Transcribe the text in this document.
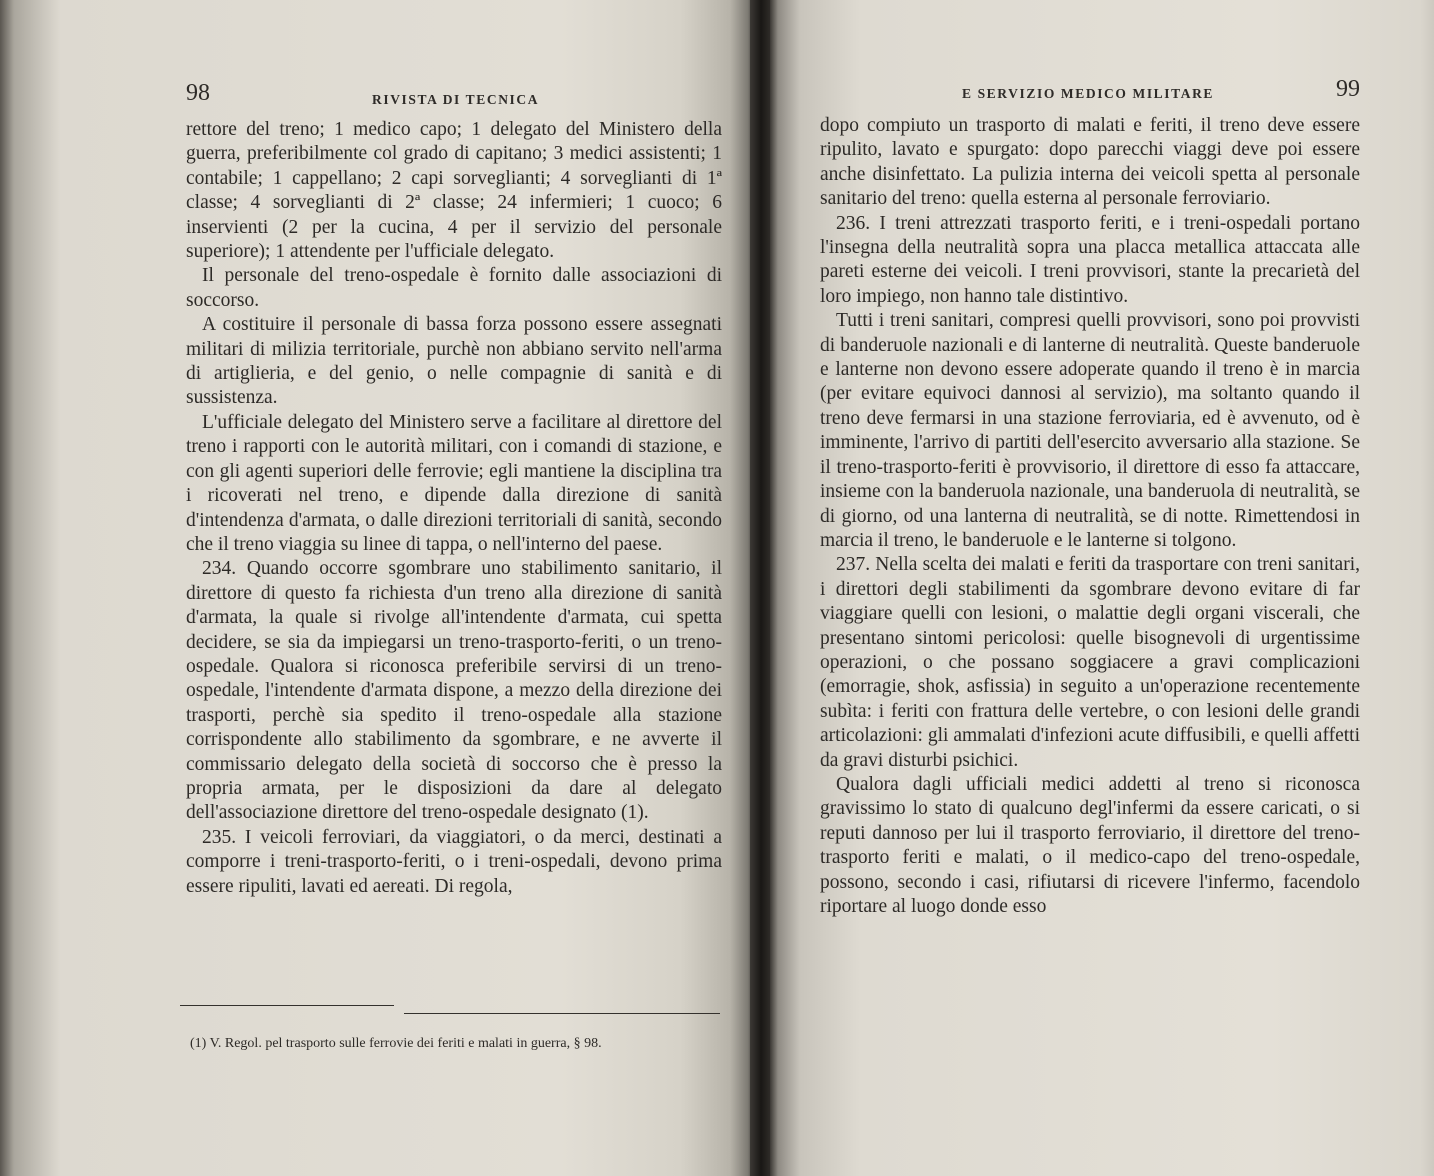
98	RIVISTA DI TECNICA

rettore del treno; 1 medico capo; 1 delegato del Ministero della guerra, preferibilmente col grado di capitano; 3 medici assistenti; 1 contabile; 1 cappellano; 2 capi sorveglianti; 4 sorveglianti di 1ª classe; 4 sorveglianti di 2ª classe; 24 infermieri; 1 cuoco; 6 inservienti (2 per la cucina, 4 per il servizio del personale superiore); 1 attendente per l'ufficiale delegato.

Il personale del treno-ospedale è fornito dalle associazioni di soccorso.

A costituire il personale di bassa forza possono essere assegnati militari di milizia territoriale, purchè non abbiano servito nell'arma di artiglieria, e del genio, o nelle compagnie di sanità e di sussistenza.

L'ufficiale delegato del Ministero serve a facilitare al direttore del treno i rapporti con le autorità militari, con i comandi di stazione, e con gli agenti superiori delle ferrovie; egli mantiene la disciplina tra i ricoverati nel treno, e dipende dalla direzione di sanità d'intendenza d'armata, o dalle direzioni territoriali di sanità, secondo che il treno viaggia su linee di tappa, o nell'interno del paese.

234. Quando occorre sgombrare uno stabilimento sanitario, il direttore di questo fa richiesta d'un treno alla direzione di sanità d'armata, la quale si rivolge all'intendente d'armata, cui spetta decidere, se sia da impiegarsi un treno-trasporto-feriti, o un treno-ospedale. Qualora si riconosca preferibile servirsi di un treno-ospedale, l'intendente d'armata dispone, a mezzo della direzione dei trasporti, perchè sia spedito il treno-ospedale alla stazione corrispondente allo stabilimento da sgombrare, e ne avverte il commissario delegato della società di soccorso che è presso la propria armata, per le disposizioni da dare al delegato dell'associazione direttore del treno-ospedale designato (1).

235. I veicoli ferroviari, da viaggiatori, o da merci, destinati a comporre i treni-trasporto-feriti, o i treni-ospedali, devono prima essere ripuliti, lavati ed aereati. Di regola,

(1) V. Regol. pel trasporto sulle ferrovie dei feriti e malati in guerra, § 98.
E SERVIZIO MEDICO MILITARE	99

dopo compiuto un trasporto di malati e feriti, il treno deve essere ripulito, lavato e spurgato: dopo parecchi viaggi deve poi essere anche disinfettato. La pulizia interna dei veicoli spetta al personale sanitario del treno: quella esterna al personale ferroviario.

236. I treni attrezzati trasporto feriti, e i treni-ospedali portano l'insegna della neutralità sopra una placca metallica attaccata alle pareti esterne dei veicoli. I treni provvisori, stante la precarietà del loro impiego, non hanno tale distintivo.

Tutti i treni sanitari, compresi quelli provvisori, sono poi provvisti di banderuole nazionali e di lanterne di neutralità. Queste banderuole e lanterne non devono essere adoperate quando il treno è in marcia (per evitare equivoci dannosi al servizio), ma soltanto quando il treno deve fermarsi in una stazione ferroviaria, ed è avvenuto, od è imminente, l'arrivo di partiti dell'esercito avversario alla stazione. Se il treno-trasporto-feriti è provvisorio, il direttore di esso fa attaccare, insieme con la banderuola nazionale, una banderuola di neutralità, se di giorno, od una lanterna di neutralità, se di notte. Rimettendosi in marcia il treno, le banderuole e le lanterne si tolgono.

237. Nella scelta dei malati e feriti da trasportare con treni sanitari, i direttori degli stabilimenti da sgombrare devono evitare di far viaggiare quelli con lesioni, o malattie degli organi viscerali, che presentano sintomi pericolosi: quelle bisognevoli di urgentissime operazioni, o che possano soggiacere a gravi complicazioni (emorragie, shok, asfissia) in seguito a un'operazione recentemente subìta: i feriti con frattura delle vertebre, o con lesioni delle grandi articolazioni: gli ammalati d'infezioni acute diffusibili, e quelli affetti da gravi disturbi psichici.

Qualora dagli ufficiali medici addetti al treno si riconosca gravissimo lo stato di qualcuno degl'infermi da essere caricati, o si reputi dannoso per lui il trasporto ferroviario, il direttore del treno-trasporto feriti e malati, o il medico-capo del treno-ospedale, possono, secondo i casi, rifiutarsi di ricevere l'infermo, facendolo riportare al luogo donde esso
